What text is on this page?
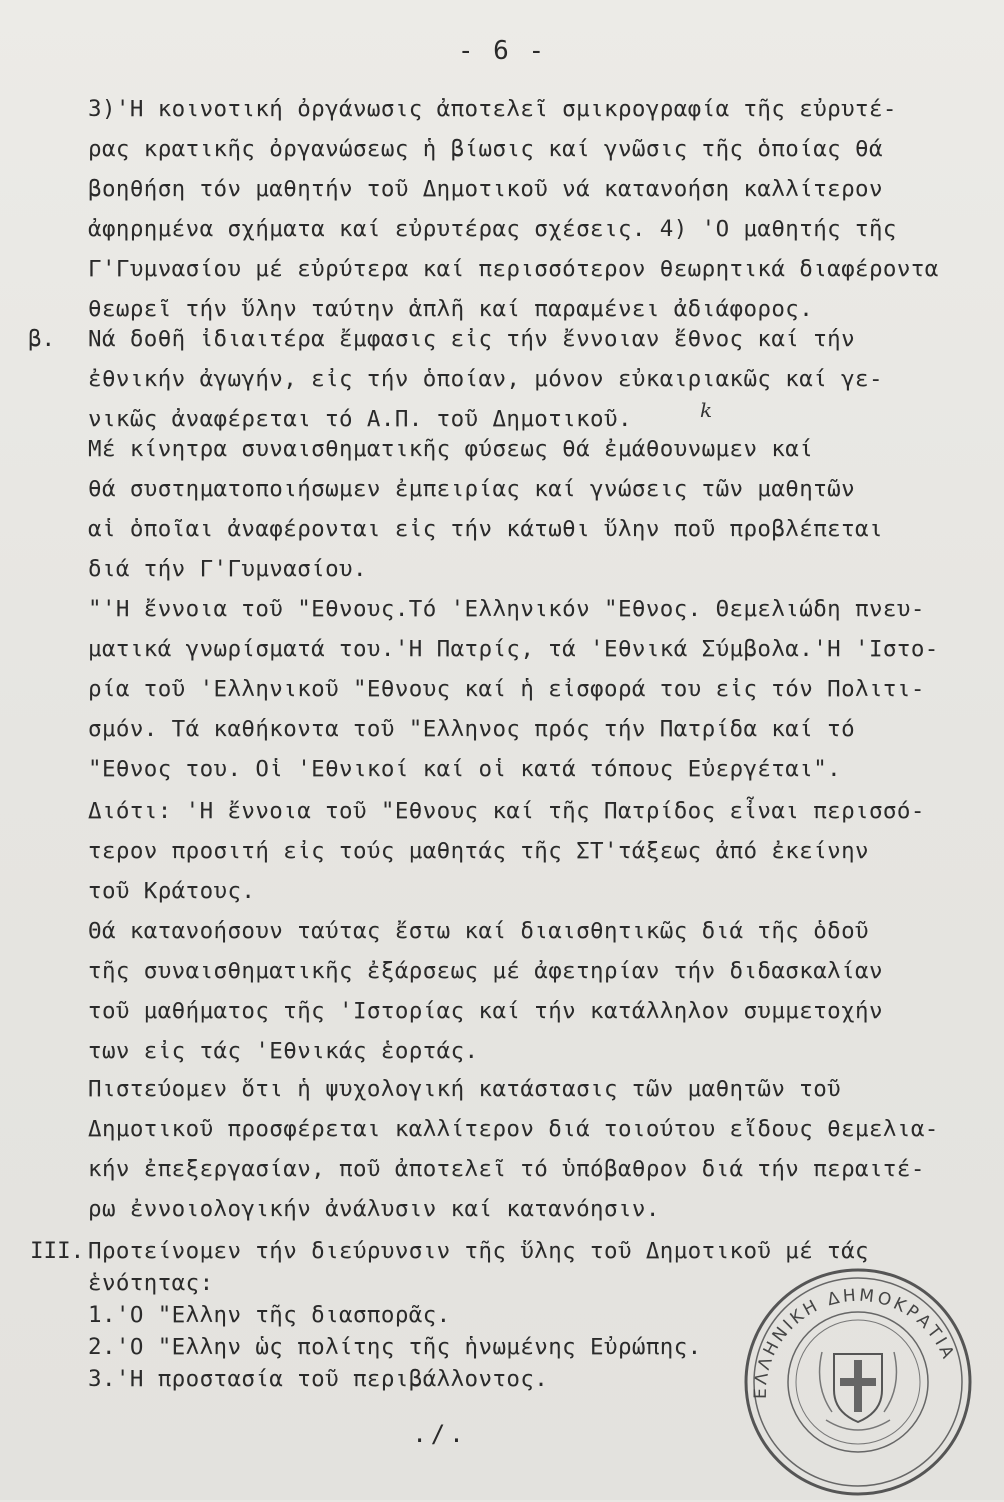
- 6 -
3)'Η κοινοτική ὀργάνωσις ἀποτελεῖ σμικρογραφία τῆς εὐρυτέ-
ρας κρατικῆς ὀργανώσεως ἡ βίωσις καί γνῶσις τῆς ὁποίας θά
βοηθήση τόν μαθητήν τοῦ Δημοτικοῦ νά κατανοήση καλλίτερον
ἀφηρημένα σχήματα καί εὐρυτέρας σχέσεις. 4) 'Ο μαθητής τῆς
Γ'Γυμνασίου μέ εὐρύτερα καί περισσότερον θεωρητικά διαφέροντα
θεωρεῖ τήν ὕλην ταύτην ἁπλῆ καί παραμένει ἀδιάφορος.
β. Νά δοθῆ ἰδιαιτέρα ἔμφασις εἰς τήν ἔννοιαν ἔθνος καί τήν
ἐθνικήν ἀγωγήν, εἰς τήν ὁποίαν, μόνον εὐκαιριακῶς καί γε-
νικῶς ἀναφέρεται τό Α.Π. τοῦ Δημοτικοῦ.	k
Μέ κίνητρα συναισθηματικῆς φύσεως θά ἐμάθουνωμεν καί
θά συστηματοποιήσωμεν ἐμπειρίας καί γνώσεις τῶν μαθητῶν
αἱ ὁποῖαι ἀναφέρονται εἰς τήν κάτωθι ὕλην ποῦ προβλέπεται
διά τήν Γ'Γυμνασίου.
"'Η ἔννοια τοῦ "Εθνους.Τό 'Ελληνικόν "Εθνος. Θεμελιώδη πνευ-
ματικά γνωρίσματά του.'Η Πατρίς, τά 'Εθνικά Σύμβολα.'Η 'Ιστο-
ρία τοῦ 'Ελληνικοῦ "Εθνους καί ἡ εἰσφορά του εἰς τόν Πολιτι-
σμόν. Τά καθήκοντα τοῦ "Ελληνος πρός τήν Πατρίδα καί τό
"Εθνος του. Οἱ 'Εθνικοί καί οἱ κατά τόπους Εὐεργέται".
Διότι: 'Η ἔννοια τοῦ "Εθνους καί τῆς Πατρίδος εἶναι περισσό-
τερον προσιτή εἰς τούς μαθητάς τῆς ΣΤ'τάξεως ἀπό ἐκείνην
τοῦ Κράτους.
Θά κατανοήσουν ταύτας ἔστω καί διαισθητικῶς διά τῆς ὁδοῦ
τῆς συναισθηματικῆς ἐξάρσεως μέ ἀφετηρίαν τήν διδασκαλίαν
τοῦ μαθήματος τῆς 'Ιστορίας καί τήν κατάλληλον συμμετοχήν
των εἰς τάς 'Εθνικάς ἑορτάς.
Πιστεύομεν ὅτι ἡ ψυχολογική κατάστασις τῶν μαθητῶν τοῦ
Δημοτικοῦ προσφέρεται καλλίτερον διά τοιούτου εἴδους θεμελια-
κήν ἐπεξεργασίαν, ποῦ ἀποτελεῖ τό ὑπόβαθρον διά τήν περαιτέ-
ρω ἐννοιολογικήν ἀνάλυσιν καί κατανόησιν.
III. Προτείνομεν τήν διεύρυνσιν τῆς ὕλης τοῦ Δημοτικοῦ μέ τάς
ἑνότητας:
1.'Ο "Ελλην τῆς διασπορᾶς.
2.'Ο "Ελλην ὡς πολίτης τῆς ἡνωμένης Εὐρώπης.
3.'Η προστασία τοῦ περιβάλλοντος.
./.
ΕΛΛΗΝΙΚΗ ΔΗΜΟΚΡΑΤΙΑ
